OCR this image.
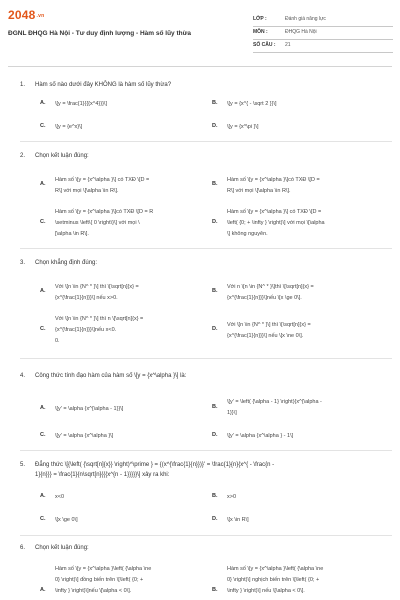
2048.vn
ĐGNL ĐHQG Hà Nội - Tư duy định lượng - Hàm số lũy thừa
LỚP :	Đánh giá năng lực
MÔN :	ĐHQG Hà Nội
SỐ CÂU : 21
1. Hàm số nào dưới đây KHÔNG là hàm số lũy thừa?
A. \[y = \frac{1}{{{x^4}}}\]	B. \[y = {x^{ - \sqrt 2 }}\]
C. \[y = {e^x}\]	D. \[y = {x^\pi }\]
2. Chọn kết luận đúng:
A.
Hàm số \[y = {x^\alpha }\] có TXĐ \[D =
R\] với mọi \[\alpha \in R\].
B.
Hàm số \[y = {x^\alpha }\]có TXĐ \[D =
R\] với mọi \[\alpha \in R\].
C.
Hàm số \[y = {x^\alpha }\]có TXĐ \[D = R
\setminus \left\{ 0 \right\}\] với mọi \
[\alpha \in R\].
D.
Hàm số \[y = {x^\alpha }\] có TXĐ \[D =
\left( {0; + \infty } \right)\] với mọi \[\alpha
\] không nguyên.
3. Chọn khẳng định đúng:
A.
Với \[n \in {N^ * }\] thì \[\sqrt[n]{x} =
{x^{\frac{1}{n}}}\] nếu x>0.
B.
Với n \[n \in {N^ * }\]thì \[\sqrt[n]{x} =
{x^{\frac{1}{n}}}\]nếu \[x \ge 0\].
C.
Với \[n \in {N^ * }\] thì n \[\sqrt[n]{x} =
{x^{\frac{1}{n}}}\]nếu x<0.
0.
D.
Với \[n \in {N^ * }\] thì \[\sqrt[n]{x} =
{x^{\frac{1}{n}}}\] nếu \[x \ne 0\].
4. Công thức tính đạo hàm của hàm số \[y = {x^\alpha }\] là:
A. \[y' = \alpha {x^{\alpha - 1}}\]	B.
\[y' = \left( {\alpha - 1} \right){x^{\alpha -
1}}\]
C. \[y' = \alpha {x^\alpha }\]	D. \[y' = \alpha {x^\alpha } - 1\]
5. Đẳng thức \[{\left( {\sqrt[n]{x}} \right)^\prime } = {(x^{\frac{1}{n}})}' = \frac{1}{n}{x^{ - \frac{n -
1}{n}}} = \frac{1}{n\sqrt[n]{{{x^{n - 1}}}}}\] xảy ra khi:
A. x<0	B. x>0
C. \[x \ge 0\]	D. \[x \in R\]
6. Chọn kết luận đúng:
A.
Hàm số \[y = {x^\alpha }\left( {\alpha \ne
0} \right)\] đồng biến trên \[\left( {0; +
\infty } \right)\]nếu \[\alpha < 0\].	B.
Hàm số \[y = {x^\alpha }\left( {\alpha \ne
0} \right)\] nghịch biến trên \[\left( {0; +
\infty } \right)\] nếu \[\alpha < 0\].
